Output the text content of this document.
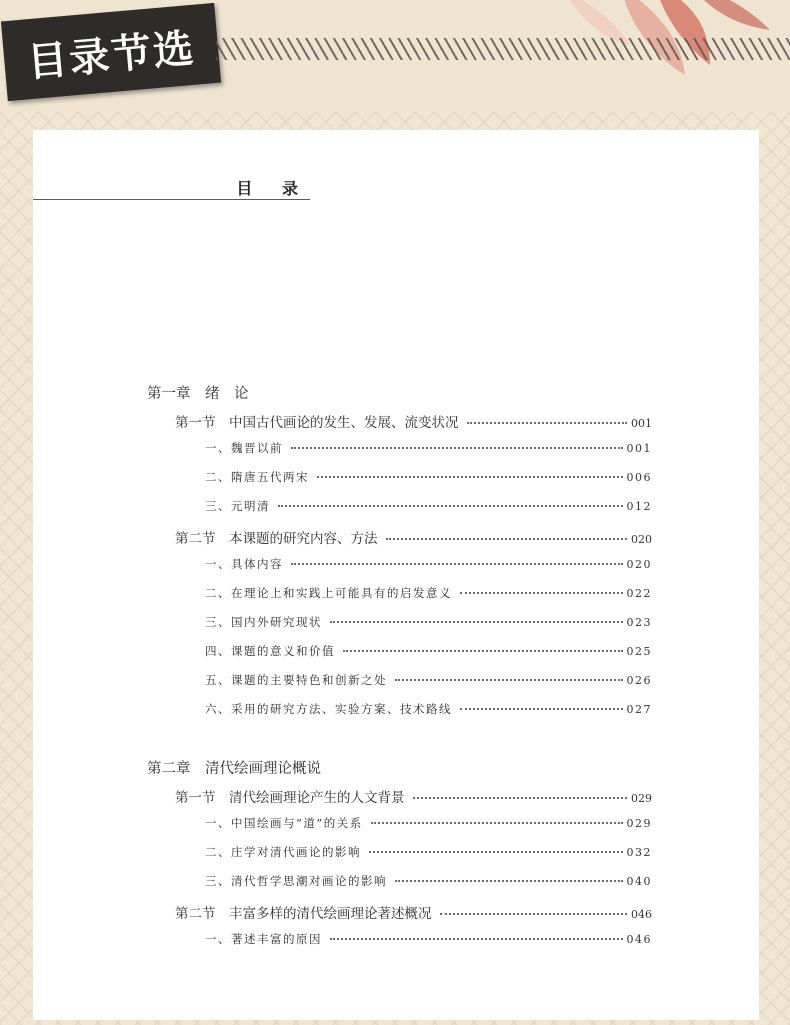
目录节选
目 录
第一章　绪　论
第一节　中国古代画论的发生、发展、流变状况	001
一、魏晋以前	001
二、隋唐五代两宋	006
三、元明清	012
第二节　本课题的研究内容、方法	020
一、具体内容	020
二、在理论上和实践上可能具有的启发意义	022
三、国内外研究现状	023
四、课题的意义和价值	025
五、课题的主要特色和创新之处	026
六、采用的研究方法、实验方案、技术路线	027
第二章　清代绘画理论概说
第一节　清代绘画理论产生的人文背景	029
一、中国绘画与“道”的关系	029
二、庄学对清代画论的影响	032
三、清代哲学思潮对画论的影响	040
第二节　丰富多样的清代绘画理论著述概况	046
一、著述丰富的原因	046
